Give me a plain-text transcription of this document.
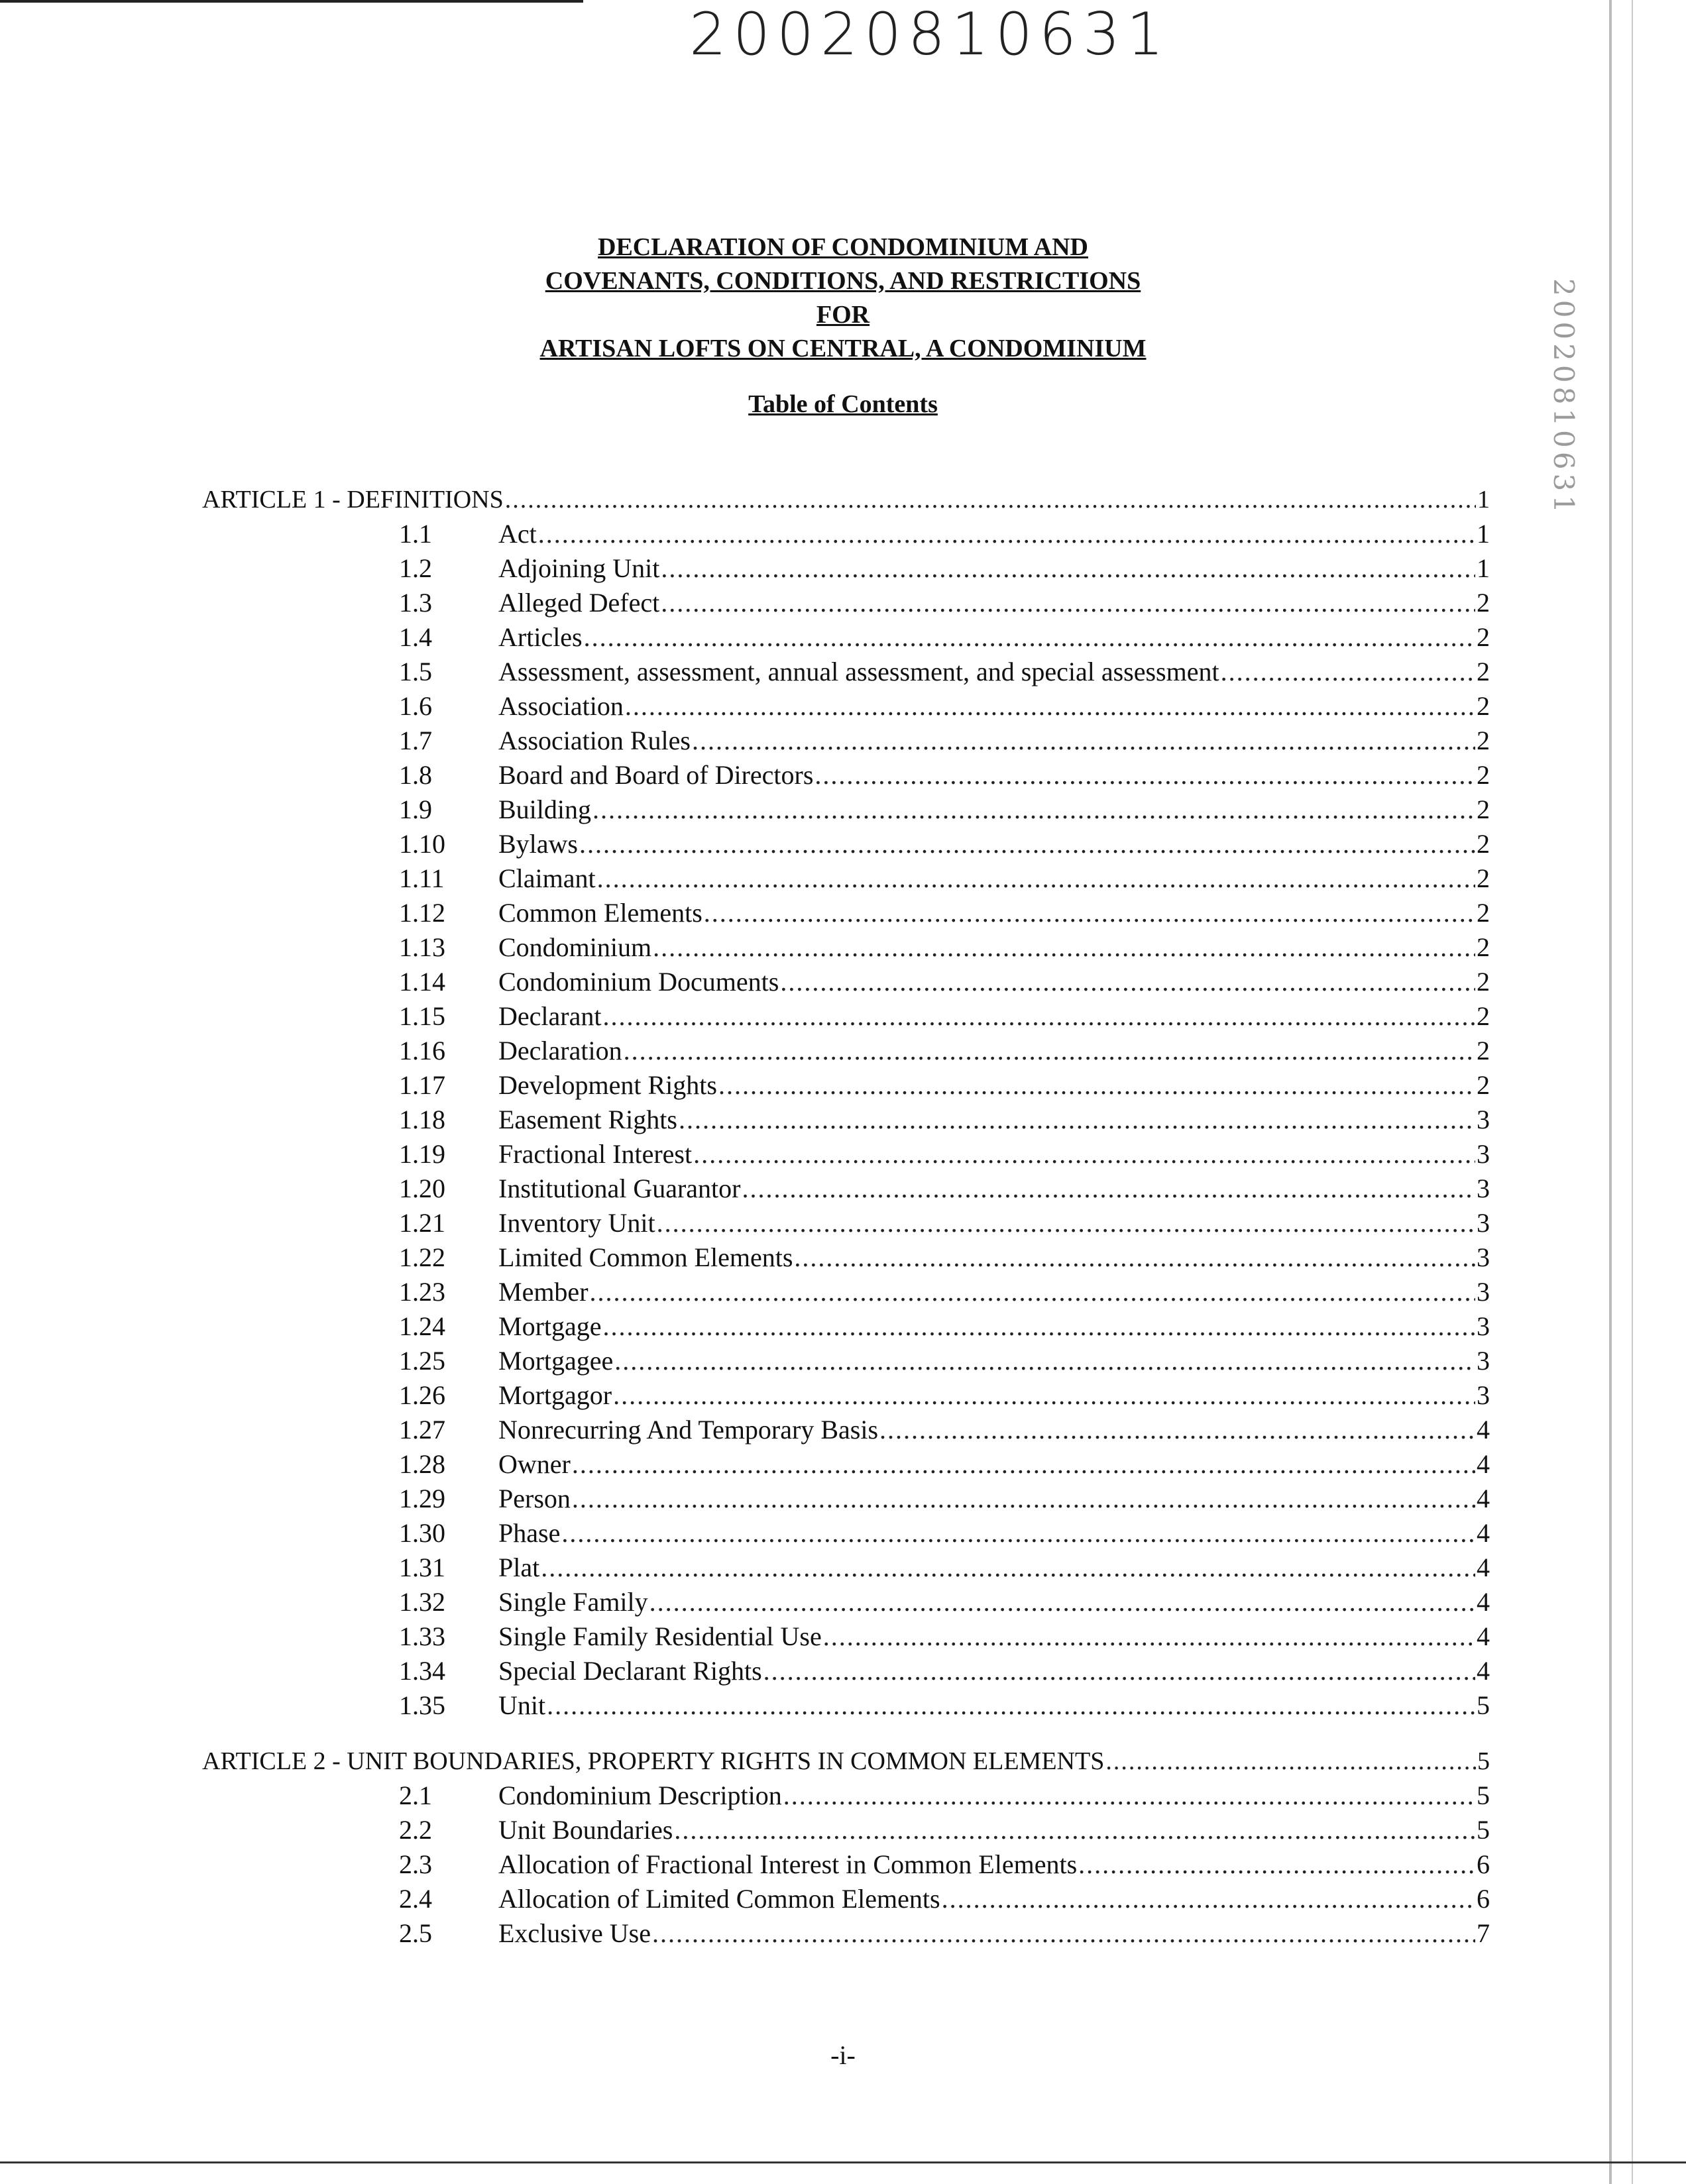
20020810631
20020810631
DECLARATION OF CONDOMINIUM AND
COVENANTS, CONDITIONS, AND RESTRICTIONS
FOR
ARTISAN LOFTS ON CENTRAL, A CONDOMINIUM
Table of Contents
ARTICLE 1 - DEFINITIONS .....	1
1.1	Act .....	1
1.2	Adjoining Unit .....	1
1.3	Alleged Defect .....	2
1.4	Articles .....	2
1.5	Assessment, assessment, annual assessment, and special assessment .....	2
1.6	Association .....	2
1.7	Association Rules .....	2
1.8	Board and Board of Directors .....	2
1.9	Building .....	2
1.10	Bylaws .....	2
1.11	Claimant .....	2
1.12	Common Elements .....	2
1.13	Condominium .....	2
1.14	Condominium Documents .....	2
1.15	Declarant .....	2
1.16	Declaration .....	2
1.17	Development Rights .....	2
1.18	Easement Rights .....	3
1.19	Fractional Interest .....	3
1.20	Institutional Guarantor .....	3
1.21	Inventory Unit .....	3
1.22	Limited Common Elements .....	3
1.23	Member .....	3
1.24	Mortgage .....	3
1.25	Mortgagee .....	3
1.26	Mortgagor .....	3
1.27	Nonrecurring And Temporary Basis .....	4
1.28	Owner .....	4
1.29	Person .....	4
1.30	Phase .....	4
1.31	Plat .....	4
1.32	Single Family .....	4
1.33	Single Family Residential Use .....	4
1.34	Special Declarant Rights .....	4
1.35	Unit .....	5
ARTICLE 2 - UNIT BOUNDARIES, PROPERTY RIGHTS IN COMMON ELEMENTS .....	5
2.1	Condominium Description .....	5
2.2	Unit Boundaries .....	5
2.3	Allocation of Fractional Interest in Common Elements .....	6
2.4	Allocation of Limited Common Elements .....	6
2.5	Exclusive Use .....	7
-i-
